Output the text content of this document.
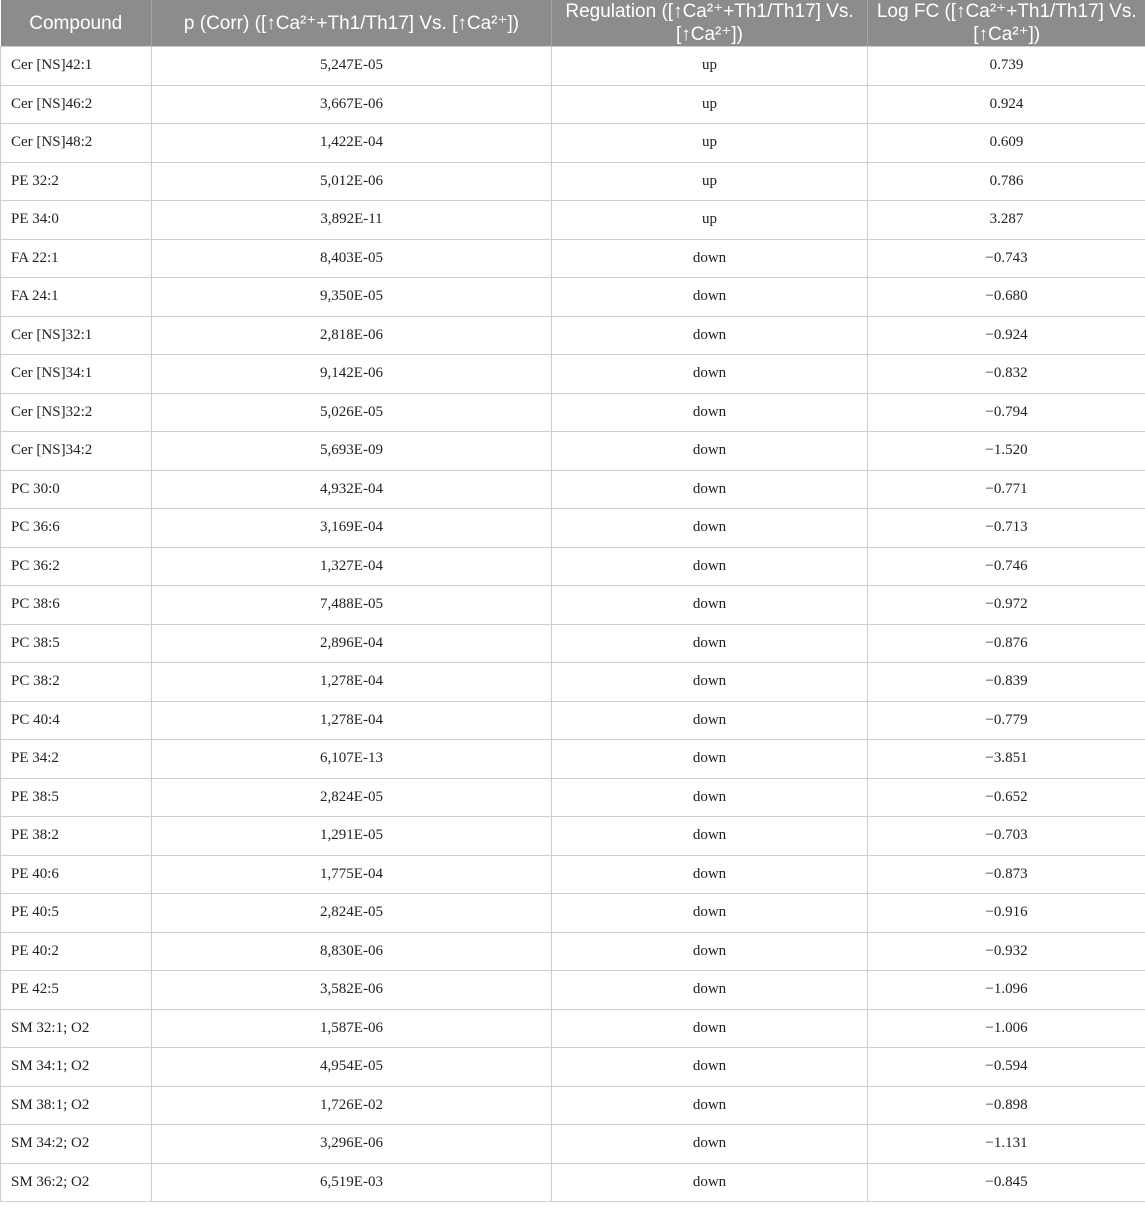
Compound	p (Corr) ([↑Ca²⁺+Th1/Th17] Vs. [↑Ca²⁺])	Regulation ([↑Ca²⁺+Th1/Th17] Vs. [↑Ca²⁺])	Log FC ([↑Ca²⁺+Th1/Th17] Vs. [↑Ca²⁺])
Cer [NS]42:1	5,247E-05	up	0.739
Cer [NS]46:2	3,667E-06	up	0.924
Cer [NS]48:2	1,422E-04	up	0.609
PE 32:2	5,012E-06	up	0.786
PE 34:0	3,892E-11	up	3.287
FA 22:1	8,403E-05	down	−0.743
FA 24:1	9,350E-05	down	−0.680
Cer [NS]32:1	2,818E-06	down	−0.924
Cer [NS]34:1	9,142E-06	down	−0.832
Cer [NS]32:2	5,026E-05	down	−0.794
Cer [NS]34:2	5,693E-09	down	−1.520
PC 30:0	4,932E-04	down	−0.771
PC 36:6	3,169E-04	down	−0.713
PC 36:2	1,327E-04	down	−0.746
PC 38:6	7,488E-05	down	−0.972
PC 38:5	2,896E-04	down	−0.876
PC 38:2	1,278E-04	down	−0.839
PC 40:4	1,278E-04	down	−0.779
PE 34:2	6,107E-13	down	−3.851
PE 38:5	2,824E-05	down	−0.652
PE 38:2	1,291E-05	down	−0.703
PE 40:6	1,775E-04	down	−0.873
PE 40:5	2,824E-05	down	−0.916
PE 40:2	8,830E-06	down	−0.932
PE 42:5	3,582E-06	down	−1.096
SM 32:1; O2	1,587E-06	down	−1.006
SM 34:1; O2	4,954E-05	down	−0.594
SM 38:1; O2	1,726E-02	down	−0.898
SM 34:2; O2	3,296E-06	down	−1.131
SM 36:2; O2	6,519E-03	down	−0.845
